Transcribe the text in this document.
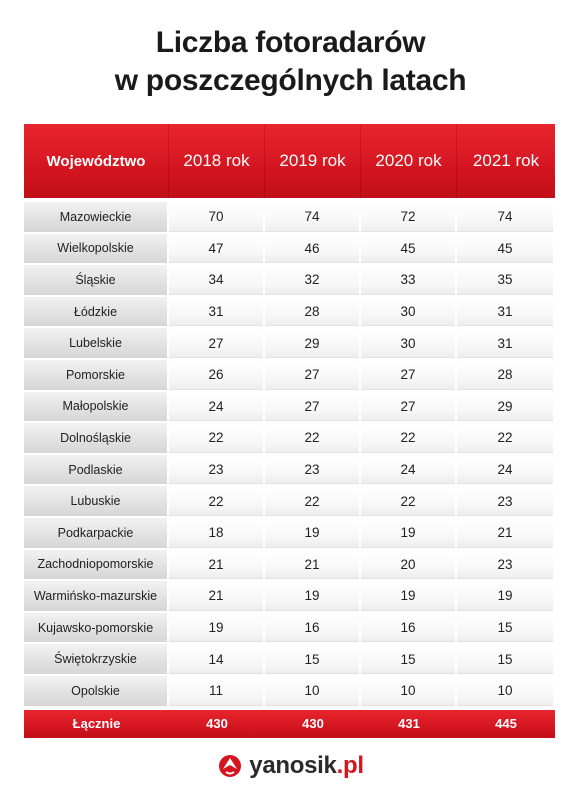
Liczba fotoradarów
w poszczególnych latach
Województwo	2018 rok	2019 rok	2020 rok	2021 rok
Mazowieckie	70	74	72	74
Wielkopolskie	47	46	45	45
Śląskie	34	32	33	35
Łódzkie	31	28	30	31
Lubelskie	27	29	30	31
Pomorskie	26	27	27	28
Małopolskie	24	27	27	29
Dolnośląskie	22	22	22	22
Podlaskie	23	23	24	24
Lubuskie	22	22	22	23
Podkarpackie	18	19	19	21
Zachodniopomorskie	21	21	20	23
Warmińsko-mazurskie	21	19	19	19
Kujawsko-pomorskie	19	16	16	15
Świętokrzyskie	14	15	15	15
Opolskie	11	10	10	10
Łącznie	430	430	431	445
yanosik.pl
